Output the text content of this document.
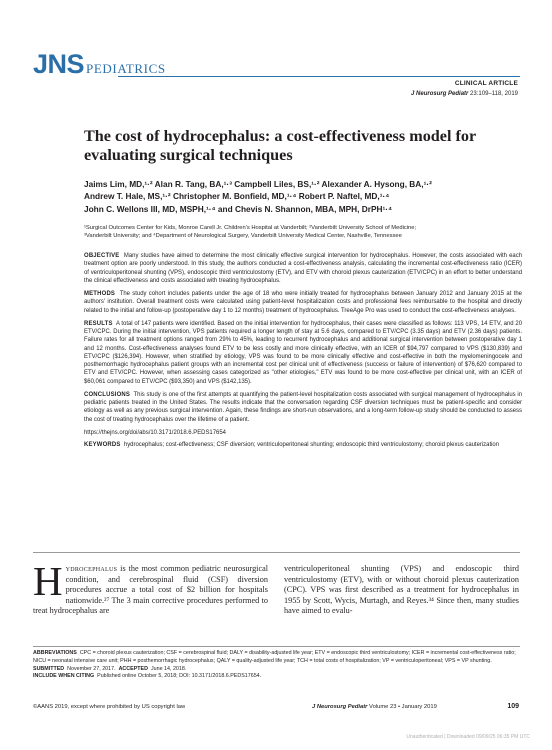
JNS PEDIATRICS
CLINICAL ARTICLE
J Neurosurg Pediatr 23:109–118, 2019
The cost of hydrocephalus: a cost-effectiveness model for evaluating surgical techniques
Jaims Lim, MD,¹·² Alan R. Tang, BA,¹·³ Campbell Liles, BS,¹·² Alexander A. Hysong, BA,¹·²
Andrew T. Hale, MS,¹·² Christopher M. Bonfield, MD,¹·⁴ Robert P. Naftel, MD,¹·⁴
John C. Wellons III, MD, MSPH,¹·⁴ and Chevis N. Shannon, MBA, MPH, DrPH¹·⁴
¹Surgical Outcomes Center for Kids, Monroe Carell Jr. Children's Hospital at Vanderbilt; ²Vanderbilt University School of Medicine;
³Vanderbilt University; and ⁴Department of Neurological Surgery, Vanderbilt University Medical Center, Nashville, Tennessee

OBJECTIVE Many studies have aimed to determine the most clinically effective surgical intervention for hydrocephalus. However, the costs associated with each treatment option are poorly understood. In this study, the authors conducted a cost-effectiveness analysis, calculating the incremental cost-effectiveness ratio (ICER) of ventriculoperitoneal shunting (VPS), endoscopic third ventriculostomy (ETV), and ETV with choroid plexus cauterization (ETV/CPC) in an effort to better understand the clinical effectiveness and costs associated with treating hydrocephalus.

METHODS The study cohort includes patients under the age of 18 who were initially treated for hydrocephalus between January 2012 and January 2015 at the authors' institution. Overall treatment costs were calculated using patient-level hospitalization costs and professional fees reimbursable to the hospital and directly related to the initial and follow-up (postoperative day 1 to 12 months) treatment of hydrocephalus. TreeAge Pro was used to conduct the cost-effectiveness analyses.

RESULTS A total of 147 patients were identified. Based on the initial intervention for hydrocephalus, their cases were classified as follows: 113 VPS, 14 ETV, and 20 ETV/CPC. During the initial intervention, VPS patients required a longer length of stay at 5.6 days, compared to ETV/CPC (3.35 days) and ETV (2.36 days) patients. Failure rates for all treatment options ranged from 29% to 45%, leading to recurrent hydrocephalus and additional surgical intervention between postoperative day 1 and 12 months. Cost-effectiveness analyses found ETV to be less costly and more clinically effective, with an ICER of $94,797 compared to VPS ($130,839) and ETV/CPC ($126,394). However, when stratified by etiology, VPS was found to be more clinically effective and cost-effective in both the myelomeningocele and posthemorrhagic hydrocephalus patient groups with an incremental cost per clinical unit of effectiveness (success or failure of intervention) of $76,620 compared to ETV and ETV/CPC. However, when assessing cases categorized as "other etiologies," ETV was found to be more cost-effective per clinical unit, with an ICER of $60,061 compared to ETV/CPC ($93,350) and VPS ($142,135).

CONCLUSIONS This study is one of the first attempts at quantifying the patient-level hospitalization costs associated with surgical management of hydrocephalus in pediatric patients treated in the United States. The results indicate that the conversation regarding CSF diversion techniques must be patient-specific and consider etiology as well as any previous surgical intervention. Again, these findings are short-run observations, and a long-term follow-up study should be conducted to assess the cost of treating hydrocephalus over the lifetime of a patient.

https://thejns.org/doi/abs/10.3171/2018.6.PEDS17654

KEYWORDS hydrocephalus; cost-effectiveness; CSF diversion; ventriculoperitoneal shunting; endoscopic third ventriculostomy; choroid plexus cauterization

Hydrocephalus is the most common pediatric neurosurgical condition, and cerebrospinal fluid (CSF) diversion procedures accrue a total cost of $2 billion for hospitals nationwide.²⁷ The 3 main corrective procedures performed to treat hydrocephalus are
ventriculoperitoneal shunting (VPS) and endoscopic third ventriculostomy (ETV), with or without choroid plexus cauterization (CPC). VPS was first described as a treatment for hydrocephalus in 1955 by Scott, Wycis, Murtagh, and Reyes.³⁴ Since then, many studies have aimed to evalu-
ABBREVIATIONS CPC = choroid plexus cauterization; CSF = cerebrospinal fluid; DALY = disability-adjusted life year; ETV = endoscopic third ventriculostomy; ICER = incremental cost-effectiveness ratio; NICU = neonatal intensive care unit; PHH = posthemorrhagic hydrocephalus; QALY = quality-adjusted life year; TCH = total costs of hospitalization; VP = ventriculoperitoneal; VPS = VP shunting.
SUBMITTED November 27, 2017. ACCEPTED June 14, 2018.
INCLUDE WHEN CITING Published online October 5, 2018; DOI: 10.3171/2018.6.PEDS17654.
©AANS 2019, except where prohibited by US copyright law	J Neurosurg Pediatr Volume 23 • January 2019	109
Unauthenticated | Downloaded 09/09/25 06:35 PM UTC
